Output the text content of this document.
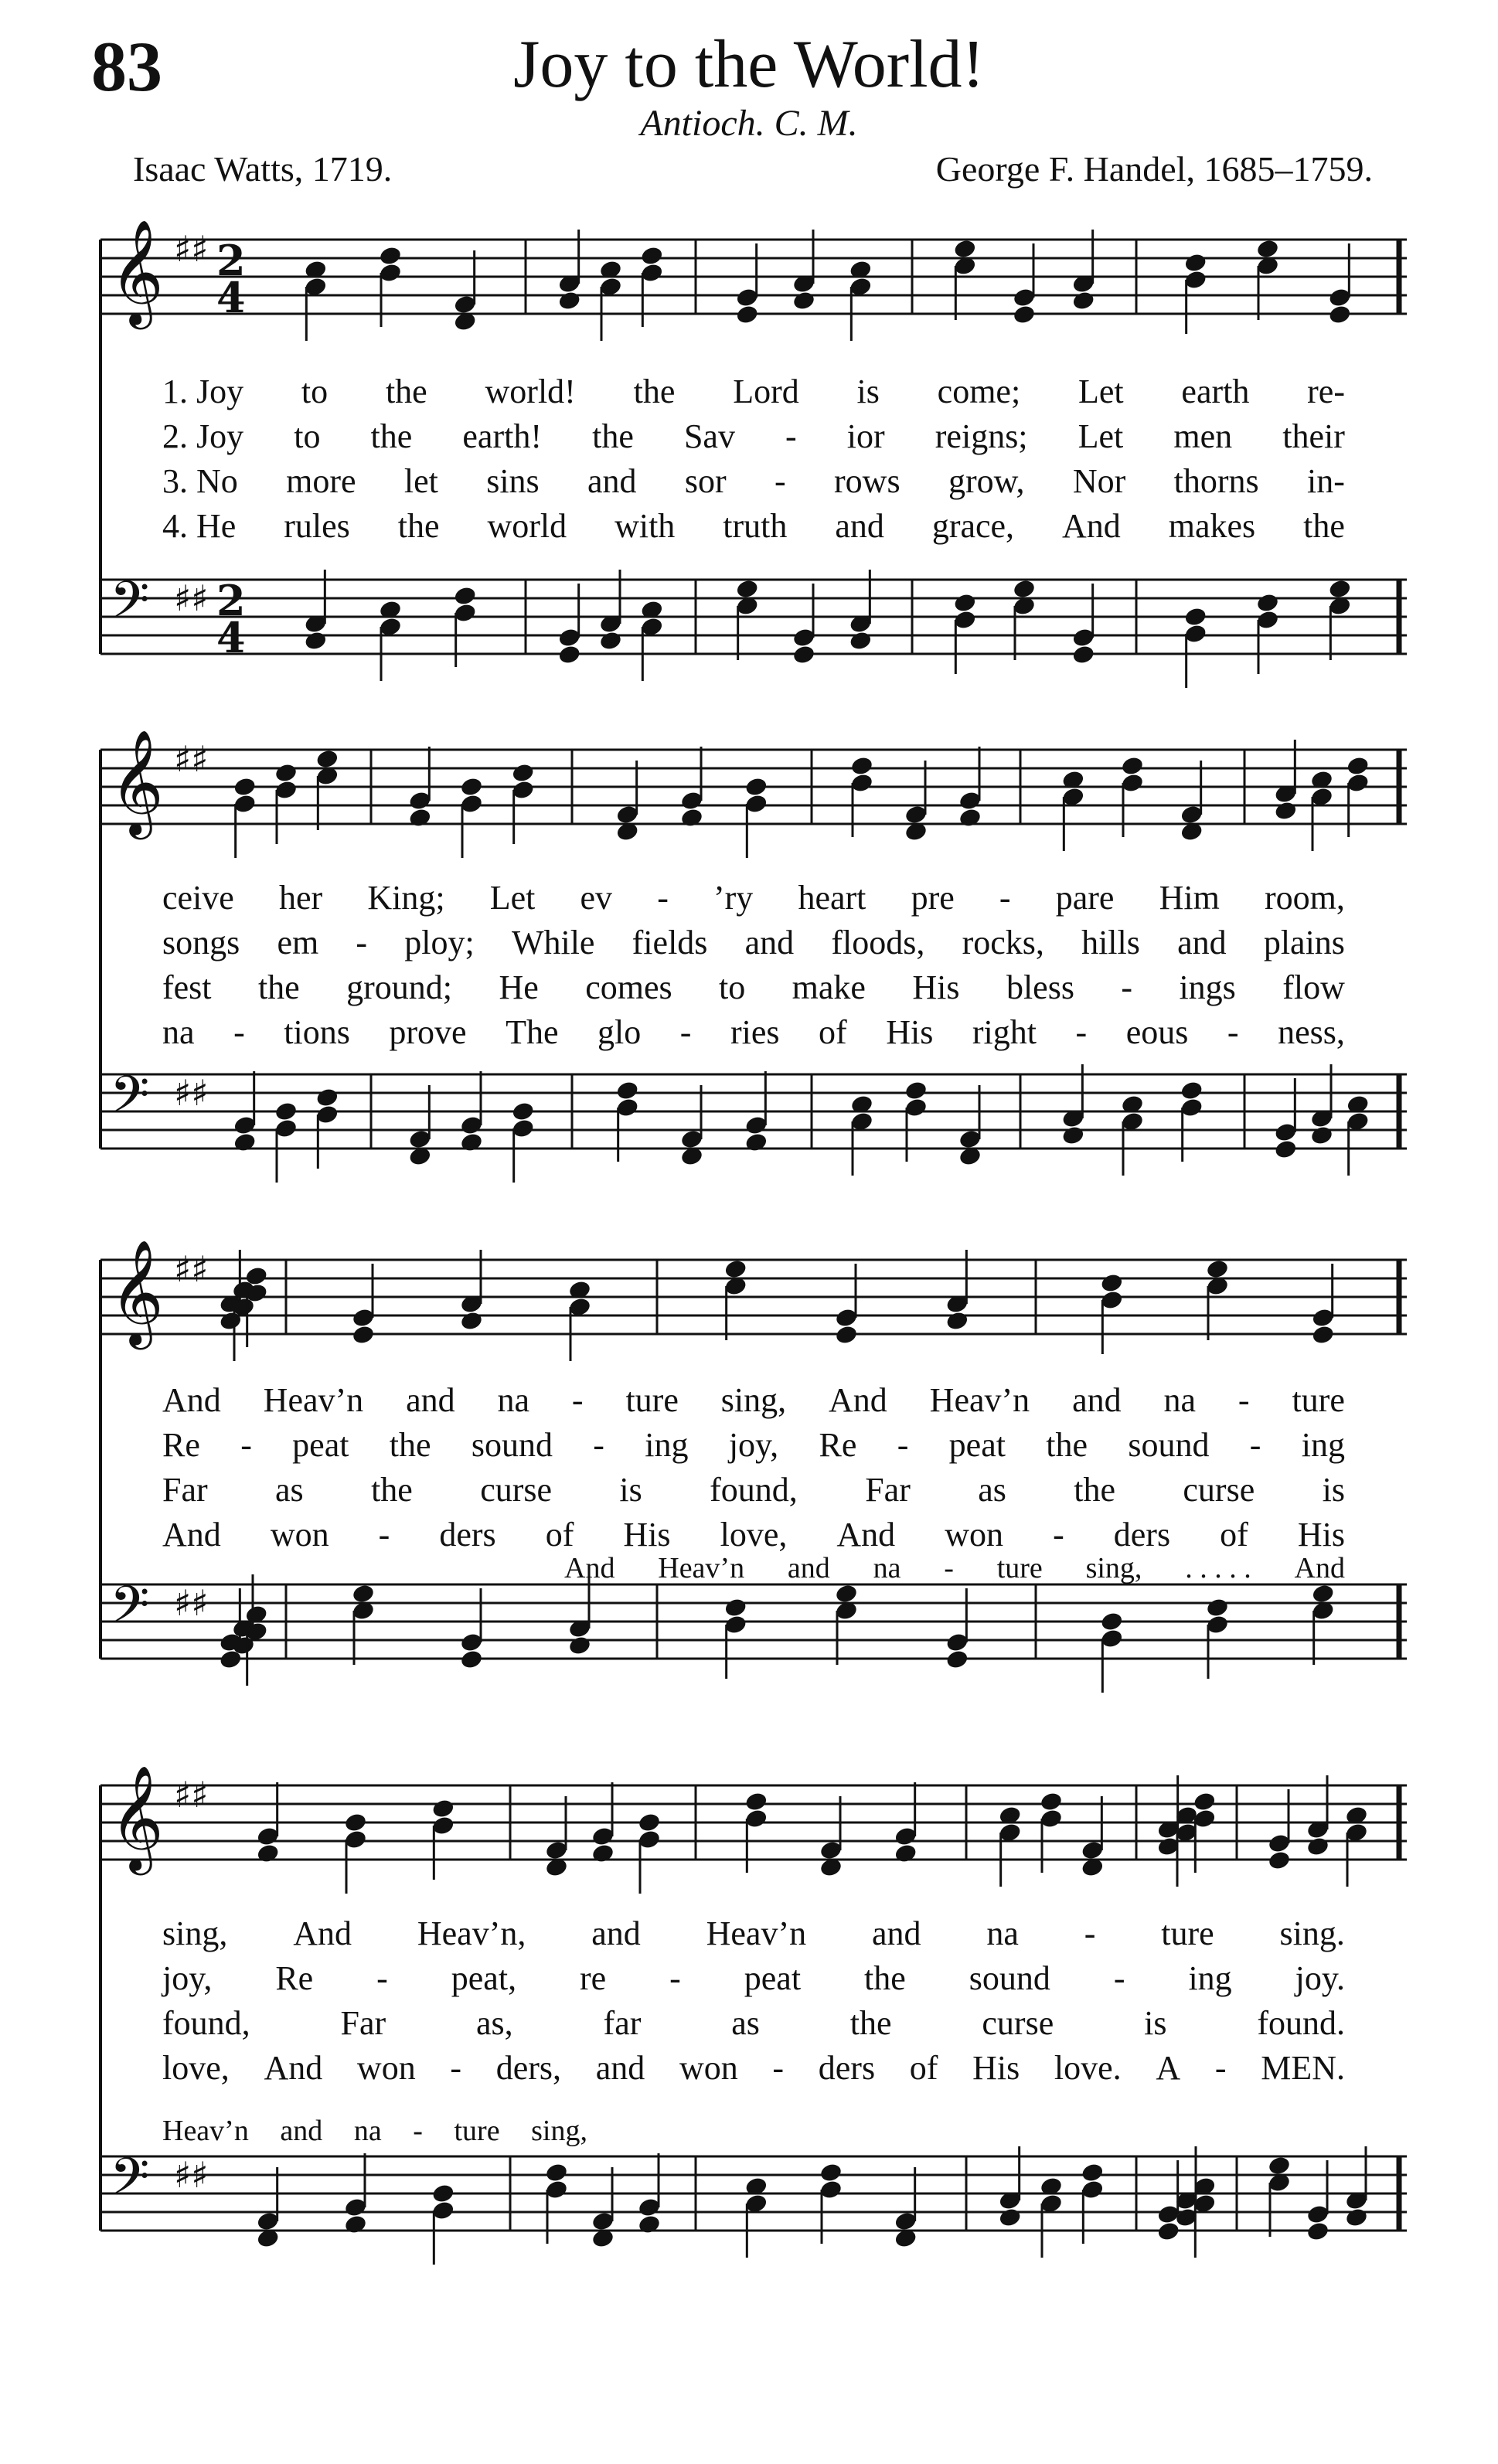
83	Joy to the World!
Antioch. C. M.
Isaac Watts, 1719.	George F. Handel, 1685–1759.
𝄞 ♯♯ 2
4
𝄢 ♯♯ 2
4
1. Joy to the world! the Lord is come; Let earth re-
2. Joy to the earth! the Sav - ior reigns; Let men their
3. No more let sins and sor - rows grow, Nor thorns in-
4. He rules the world with truth and grace, And makes the
𝄞 ♯♯
𝄢 ♯♯
ceive her King; Let ev - ’ry heart pre - pare Him room,
songs em - ploy; While fields and floods, rocks, hills and plains
fest the ground; He comes to make His bless - ings flow
na - tions prove The glo - ries of His right - eous - ness,
𝄞 ♯♯
𝄢 ♯♯
And Heav’n and na - ture sing, And Heav’n and na - ture
Re - peat the sound - ing joy, Re - peat the sound - ing
Far as the curse is found, Far as the curse is
And won - ders of His love, And won - ders of His
And Heav’n and na - ture sing, . . . . . And
𝄞 ♯♯
𝄢 ♯♯
sing, And Heav’n, and Heav’n and na - ture sing.
joy, Re - peat, re - peat the sound - ing joy.
found,	Far	as,	far	as	the	curse	is	found.
love, And won - ders, and won - ders of His love. A - MEN.
Heav’n and na - ture sing,
